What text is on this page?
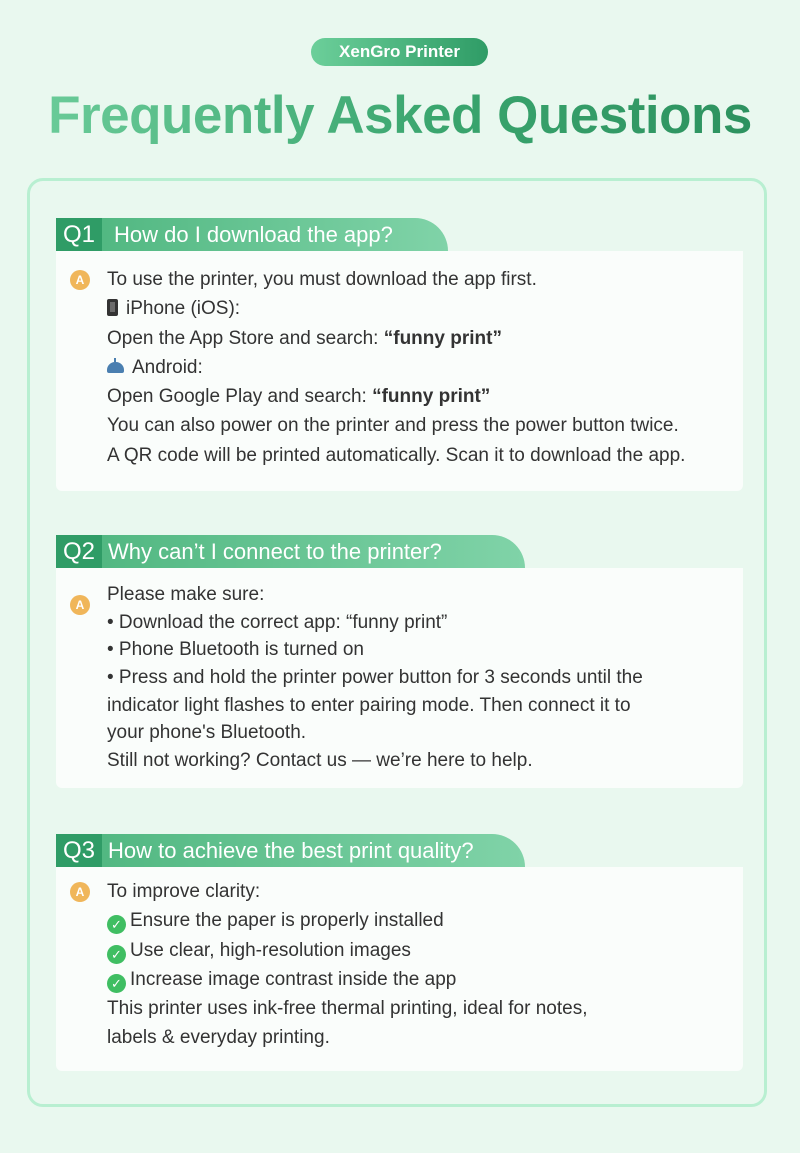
XenGro Printer
Frequently Asked Questions
Q1 How do I download the app?
A To use the printer, you must download the app first.
iPhone (iOS):
Open the App Store and search: “funny print”
Android:
Open Google Play and search: “funny print”
You can also power on the printer and press the power button twice.
A QR code will be printed automatically. Scan it to download the app.
Q2 Why can’t I connect to the printer?
A Please make sure:
• Download the correct app: “funny print”
• Phone Bluetooth is turned on
• Press and hold the printer power button for 3 seconds until the
indicator light flashes to enter pairing mode. Then connect it to
your phone's Bluetooth.
Still not working? Contact us — we’re here to help.
Q3 How to achieve the best print quality?
A To improve clarity:
✓ Ensure the paper is properly installed
✓ Use clear, high-resolution images
✓ Increase image contrast inside the app
This printer uses ink-free thermal printing, ideal for notes,
labels & everyday printing.
